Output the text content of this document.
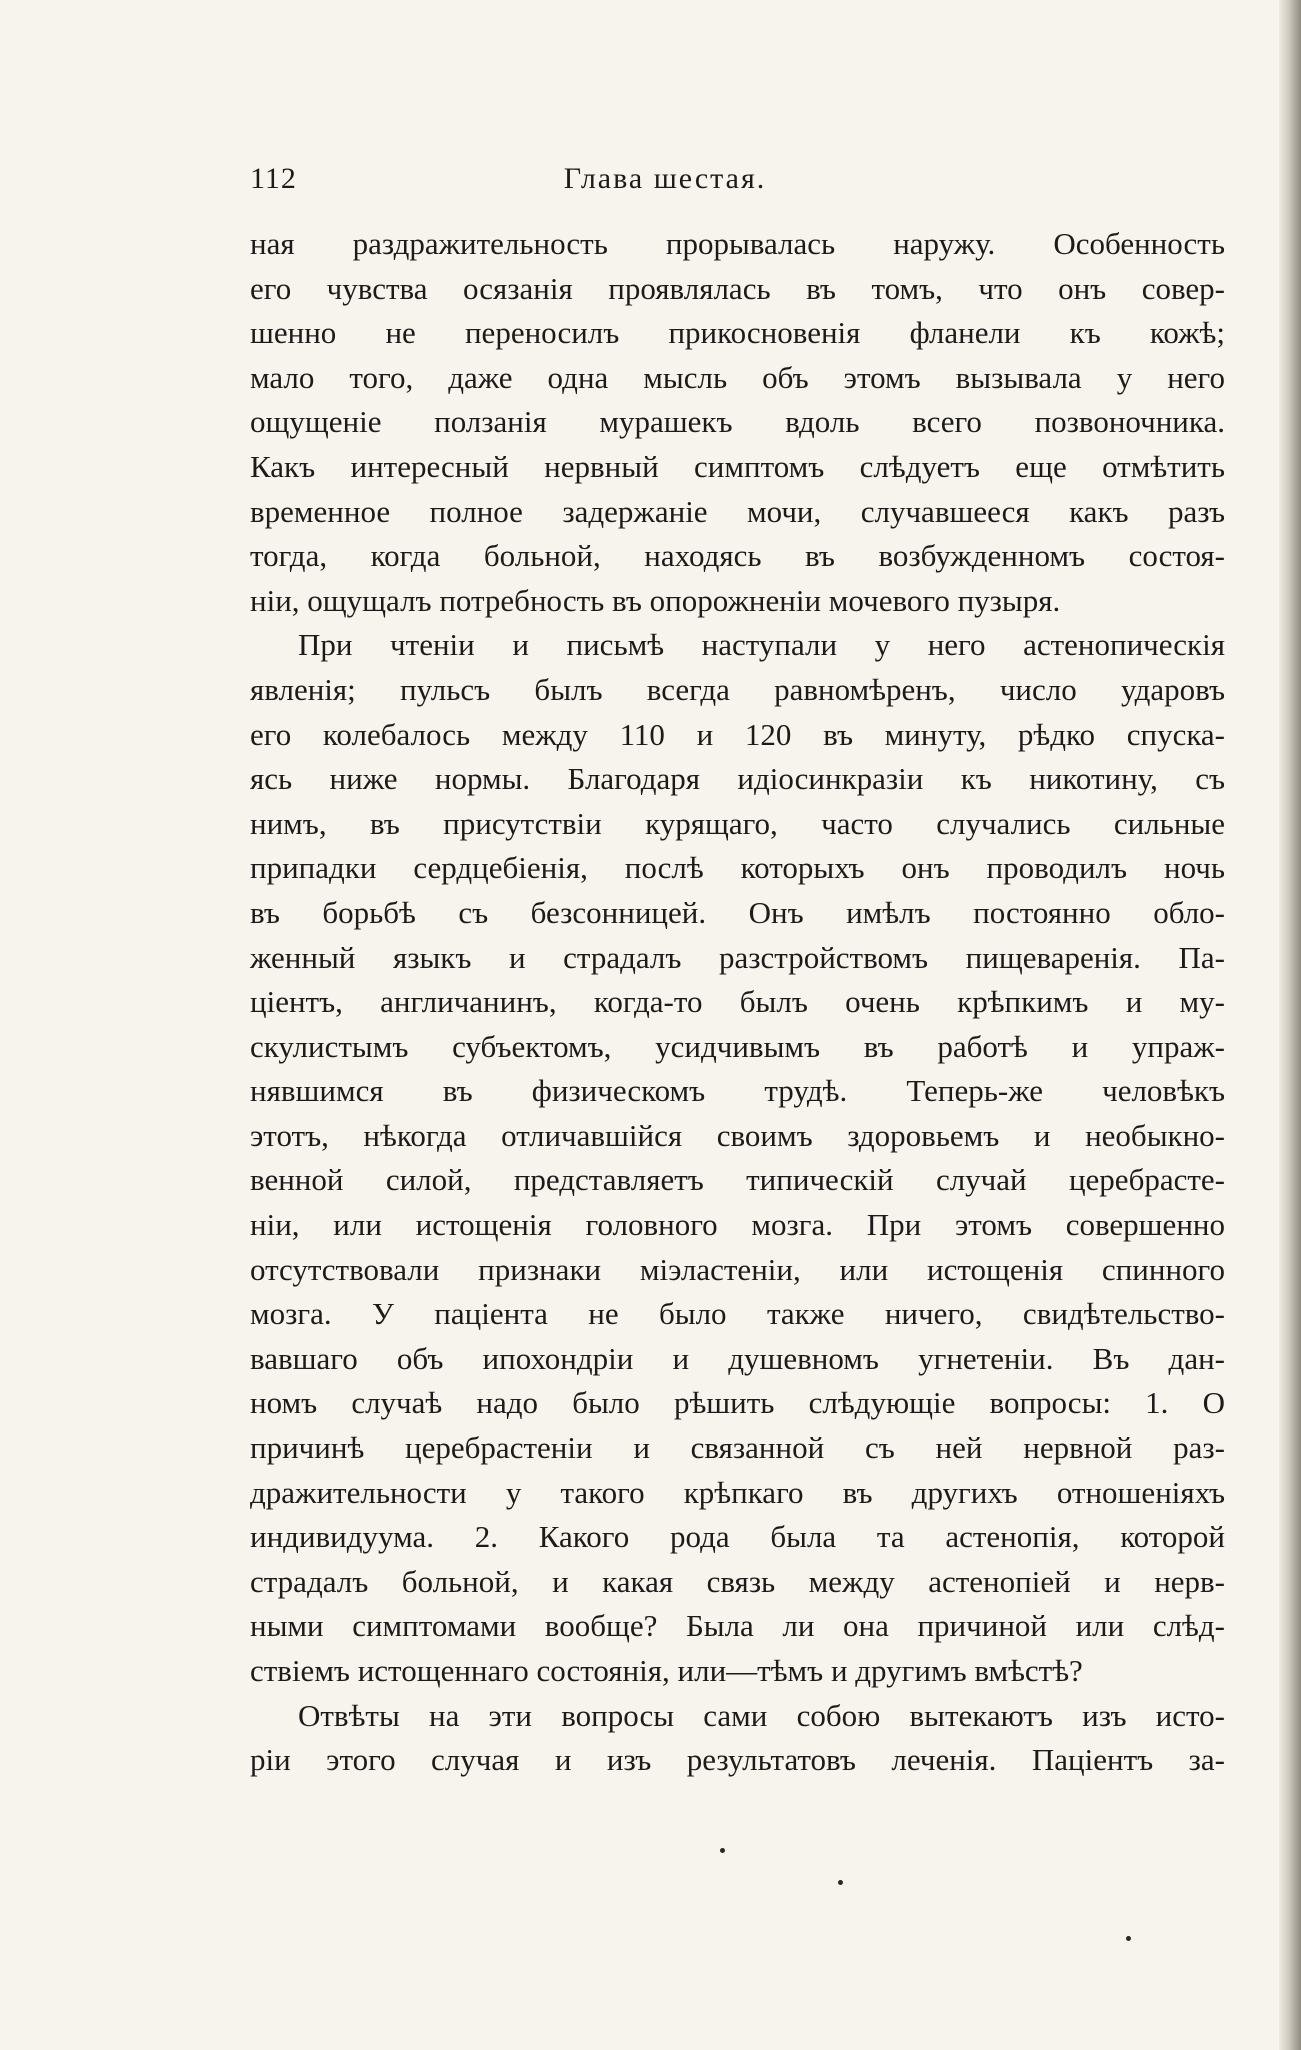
112	Глава шестая.
ная раздражительность прорывалась наружу. Особенность
его чувства осязанія проявлялась въ томъ, что онъ совер-
шенно не переносилъ прикосновенія фланели къ кожѣ;
мало того, даже одна мысль объ этомъ вызывала у него
ощущеніе ползанія мурашекъ вдоль всего позвоночника.
Какъ интересный нервный симптомъ слѣдуетъ еще отмѣтить
временное полное задержаніе мочи, случавшееся какъ разъ
тогда, когда больной, находясь въ возбужденномъ состоя-
ніи, ощущалъ потребность въ опорожненіи мочевого пузыря.
При чтеніи и письмѣ наступали у него астенопическія
явленія; пульсъ былъ всегда равномѣренъ, число ударовъ
его колебалось между 110 и 120 въ минуту, рѣдко спуска-
ясь ниже нормы. Благодаря идіосинкразіи къ никотину, съ
нимъ, въ присутствіи курящаго, часто случались сильные
припадки сердцебіенія, послѣ которыхъ онъ проводилъ ночь
въ борьбѣ съ безсонницей. Онъ имѣлъ постоянно обло-
женный языкъ и страдалъ разстройствомъ пищеваренія. Па-
ціентъ, англичанинъ, когда-то былъ очень крѣпкимъ и му-
скулистымъ субъектомъ, усидчивымъ въ работѣ и упраж-
нявшимся въ физическомъ трудѣ. Теперь-же человѣкъ
этотъ, нѣкогда отличавшійся своимъ здоровьемъ и необыкно-
венной силой, представляетъ типическій случай церебрасте-
ніи, или истощенія головного мозга. При этомъ совершенно
отсутствовали признаки міэластеніи, или истощенія спинного
мозга. У паціента не было также ничего, свидѣтельство-
вавшаго объ ипохондріи и душевномъ угнетеніи. Въ дан-
номъ случаѣ надо было рѣшить слѣдующіе вопросы: 1. О
причинѣ церебрастеніи и связанной съ ней нервной раз-
дражительности у такого крѣпкаго въ другихъ отношеніяхъ
индивидуума. 2. Какого рода была та астенопія, которой
страдалъ больной, и какая связь между астенопіей и нерв-
ными симптомами вообще? Была ли она причиной или слѣд-
ствіемъ истощеннаго состоянія, или—тѣмъ и другимъ вмѣстѣ?
Отвѣты на эти вопросы сами собою вытекаютъ изъ исто-
ріи этого случая и изъ результатовъ леченія. Паціентъ за-
